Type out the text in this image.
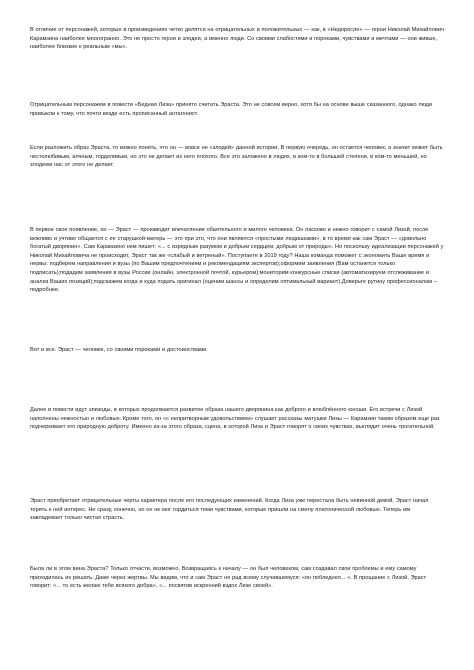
В отличие от персонажей, которые в произведениях четко делятся на отрицательных и положительных — как, в «Недоросле» — герои Николай Михайлович Карамзина наиболее многогранно. Это не просто герои и злодеи, а именно люди. Со своими слабостями и пороками, чувствами и мечтами — они живые, наиболее близкие к реальным «мы».

Отрицательным персонажем в повести «Бедная Лиза» принято считать Эраста. Это не совсем верно, хотя бы на основе выше сказанного, однако люди привыкли к тому, что почти везде есть прописанный антагонист.

Если разложить образ Эраста, то можно понять, что он — вовсе не «злодей» данной истории. В первую очередь, он остается человек, а значит может быть честолюбивым, алчным, горделивым, но это не делает из него плохого. Все это заложено в людях, в ком-то в большей степени, в ком-то меньшей, но злодеем нас от этого не делает.

В первое свое появление, он — Эраст — производит впечатление обаятельного и милого человека. Он ласково и нежно говорит с самой Лизой, после вежливо и учтиво общается с ее старушкой-матерь — это при это, что они являются «простыми людишками», в то время как сам Эраст — «довольно богатый дворянин». Сам Карамзино нем пишет: «... с изрядным разумом и добрым сердцем, добрым от природы». Но поскольку идеализации персонажей у Николай Михайловича не происходит, Эраст так же «слабый и ветреный». Поступаете в 2019 году? Наша команда поможет с экономить Ваше время и нервы: подберем направления и вузы (по Вашим предпочтениям и рекомендациям экспертов);оформим заявления (Вам останется только подписать);подадим заявления в вузы России (онлайн, электронной почтой, курьером);мониторим конкурсные списки (автоматизируем отслеживание и анализ Ваших позиций);подскажем когда и куда подать оригинал (оценим шансы и определим оптимальный вариант).Доверьте рутину профессионалам – подробнее.

Вот и все. Эраст — человек, со своими пороками и достоинствами.

Далее в повести идут эпизоды, в которых продолжается развитее образа нашего дворянина как доброго и влюблённого юноши. Его встречи с Лизой наполнены нежностью и любовью. Кроме того, он «с непритворным удовольствием» слушает рассказы матушки Лизы — Карамзин таким образом еще раз подчеркивает его природную доброту. Именно из-за этого образа, сцена, в которой Лиза и Эраст говорят о своих чувствах, выглядит очень трогательной.

Эраст приобретает отрицательные черты характера после его последующих изменений. Когда Лиза уже перестала быть невинной девой, Эраст начал терять к ней интерес. Не сразу, конечно, но он не мог гордиться теми чувствами, которые пришли на смену платонической любовью. Теперь им завладевает только чистая страсть.

Была ли в этом вина Эраста? Только отчасти, возможно. Возвращаясь к началу — он был человеком, сам создавал свои проблемы и ему самому приходилась их решать. Даже через жертвы. Мы видим, что и сам Эраст не рад всему случившемуся: «он побледнел... «. В прощание с Лизой, Эраст говорит: «... то есть желаю тебе всякого добра», «... посвятив искренний вздох Лизе своей».
